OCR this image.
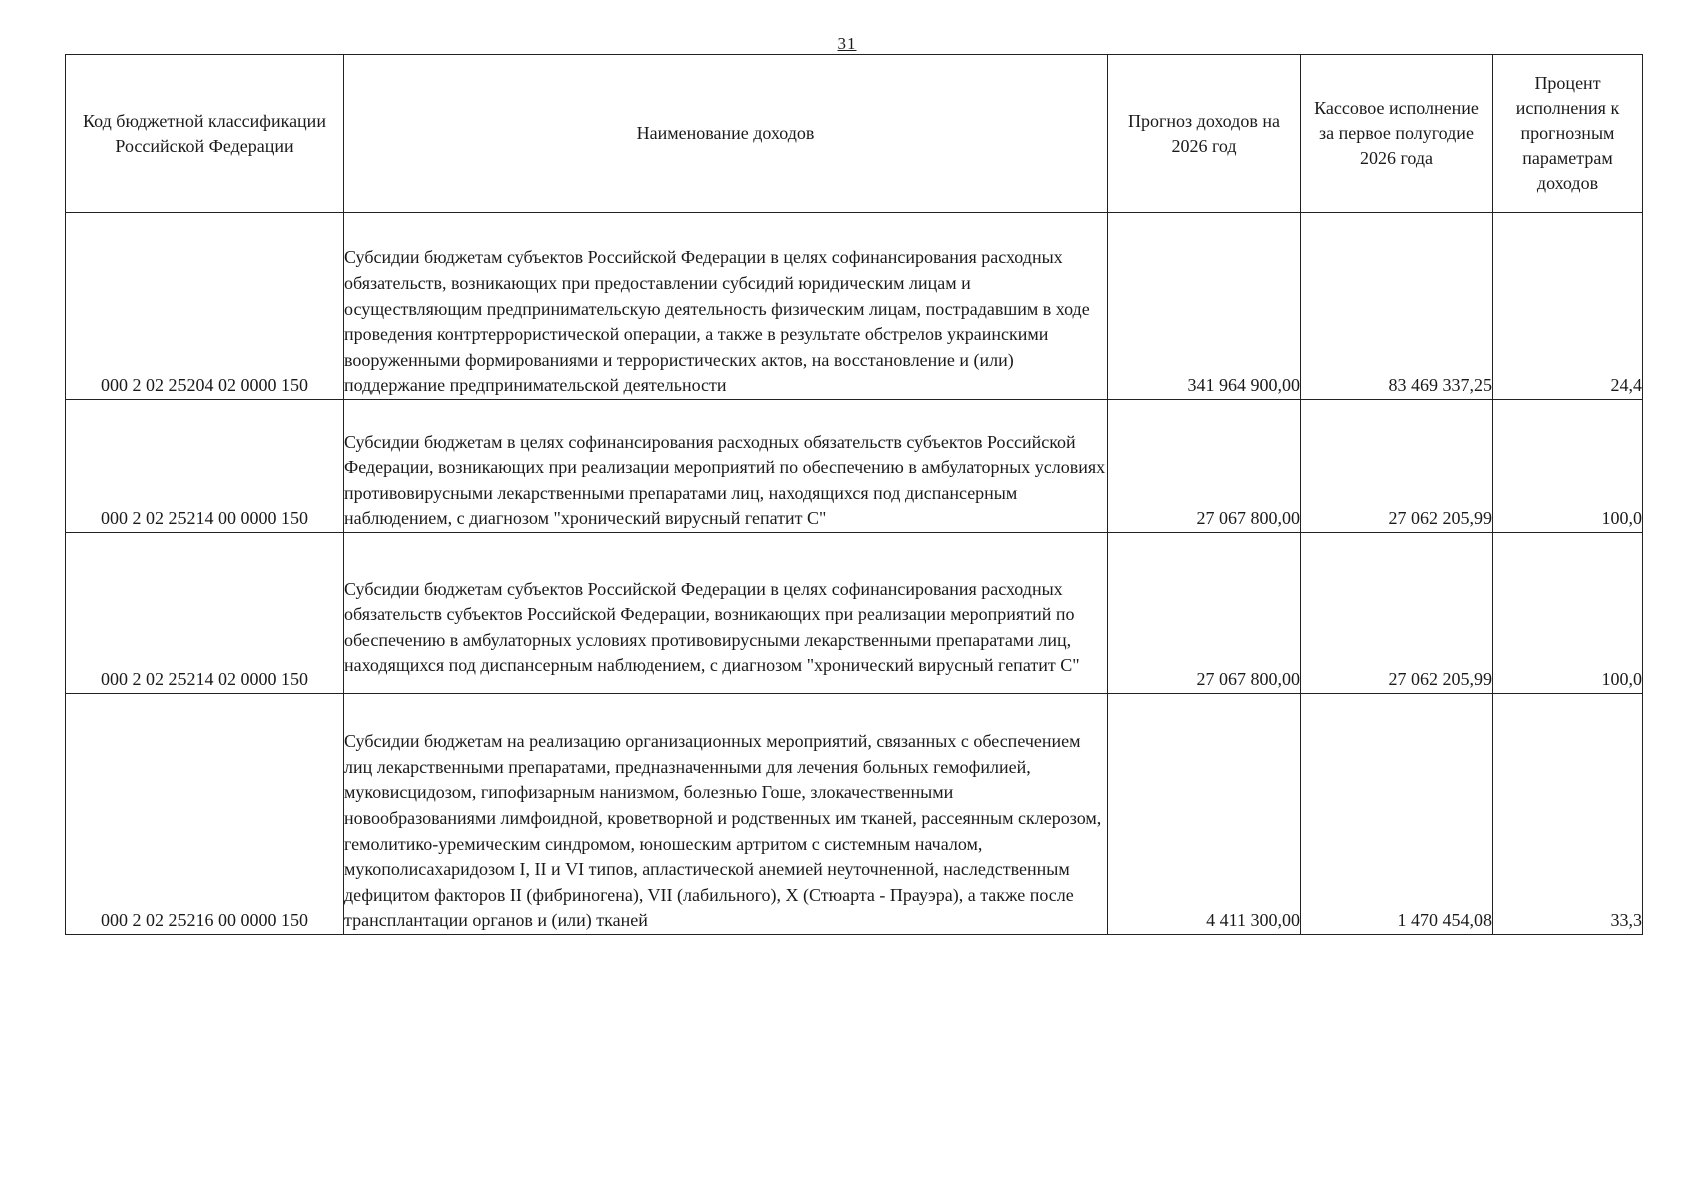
31
Код бюджетной классификации Российской Федерации	Наименование доходов	Прогноз доходов на 2026 год	Кассовое исполнение за первое полугодие 2026 года	Процент исполнения к прогнозным параметрам доходов
000 2 02 25204 02 0000 150	Субсидии бюджетам субъектов Российской Федерации в целях софинансирования расходных обязательств, возникающих при предоставлении субсидий юридическим лицам и осуществляющим предпринимательскую деятельность физическим лицам, пострадавшим в ходе проведения контртеррористической операции, а также в результате обстрелов украинскими вооруженными формированиями и террористических актов, на восстановление и (или) поддержание предпринимательской деятельности	341 964 900,00	83 469 337,25	24,4
000 2 02 25214 00 0000 150	Субсидии бюджетам в целях софинансирования расходных обязательств субъектов Российской Федерации, возникающих при реализации мероприятий по обеспечению в амбулаторных условиях противовирусными лекарственными препаратами лиц, находящихся под диспансерным наблюдением, с диагнозом "хронический вирусный гепатит С"	27 067 800,00	27 062 205,99	100,0
000 2 02 25214 02 0000 150	Субсидии бюджетам субъектов Российской Федерации в целях софинансирования расходных обязательств субъектов Российской Федерации, возникающих при реализации мероприятий по обеспечению в амбулаторных условиях противовирусными лекарственными препаратами лиц, находящихся под диспансерным наблюдением, с диагнозом "хронический вирусный гепатит С"	27 067 800,00	27 062 205,99	100,0
000 2 02 25216 00 0000 150	Субсидии бюджетам на реализацию организационных мероприятий, связанных с обеспечением лиц лекарственными препаратами, предназначенными для лечения больных гемофилией, муковисцидозом, гипофизарным нанизмом, болезнью Гоше, злокачественными новообразованиями лимфоидной, кроветворной и родственных им тканей, рассеянным склерозом, гемолитико-уремическим синдромом, юношеским артритом с системным началом, мукополисахаридозом I, II и VI типов, апластической анемией неуточненной, наследственным дефицитом факторов II (фибриногена), VII (лабильного), X (Стюарта - Прауэра), а также после трансплантации органов и (или) тканей	4 411 300,00	1 470 454,08	33,3
